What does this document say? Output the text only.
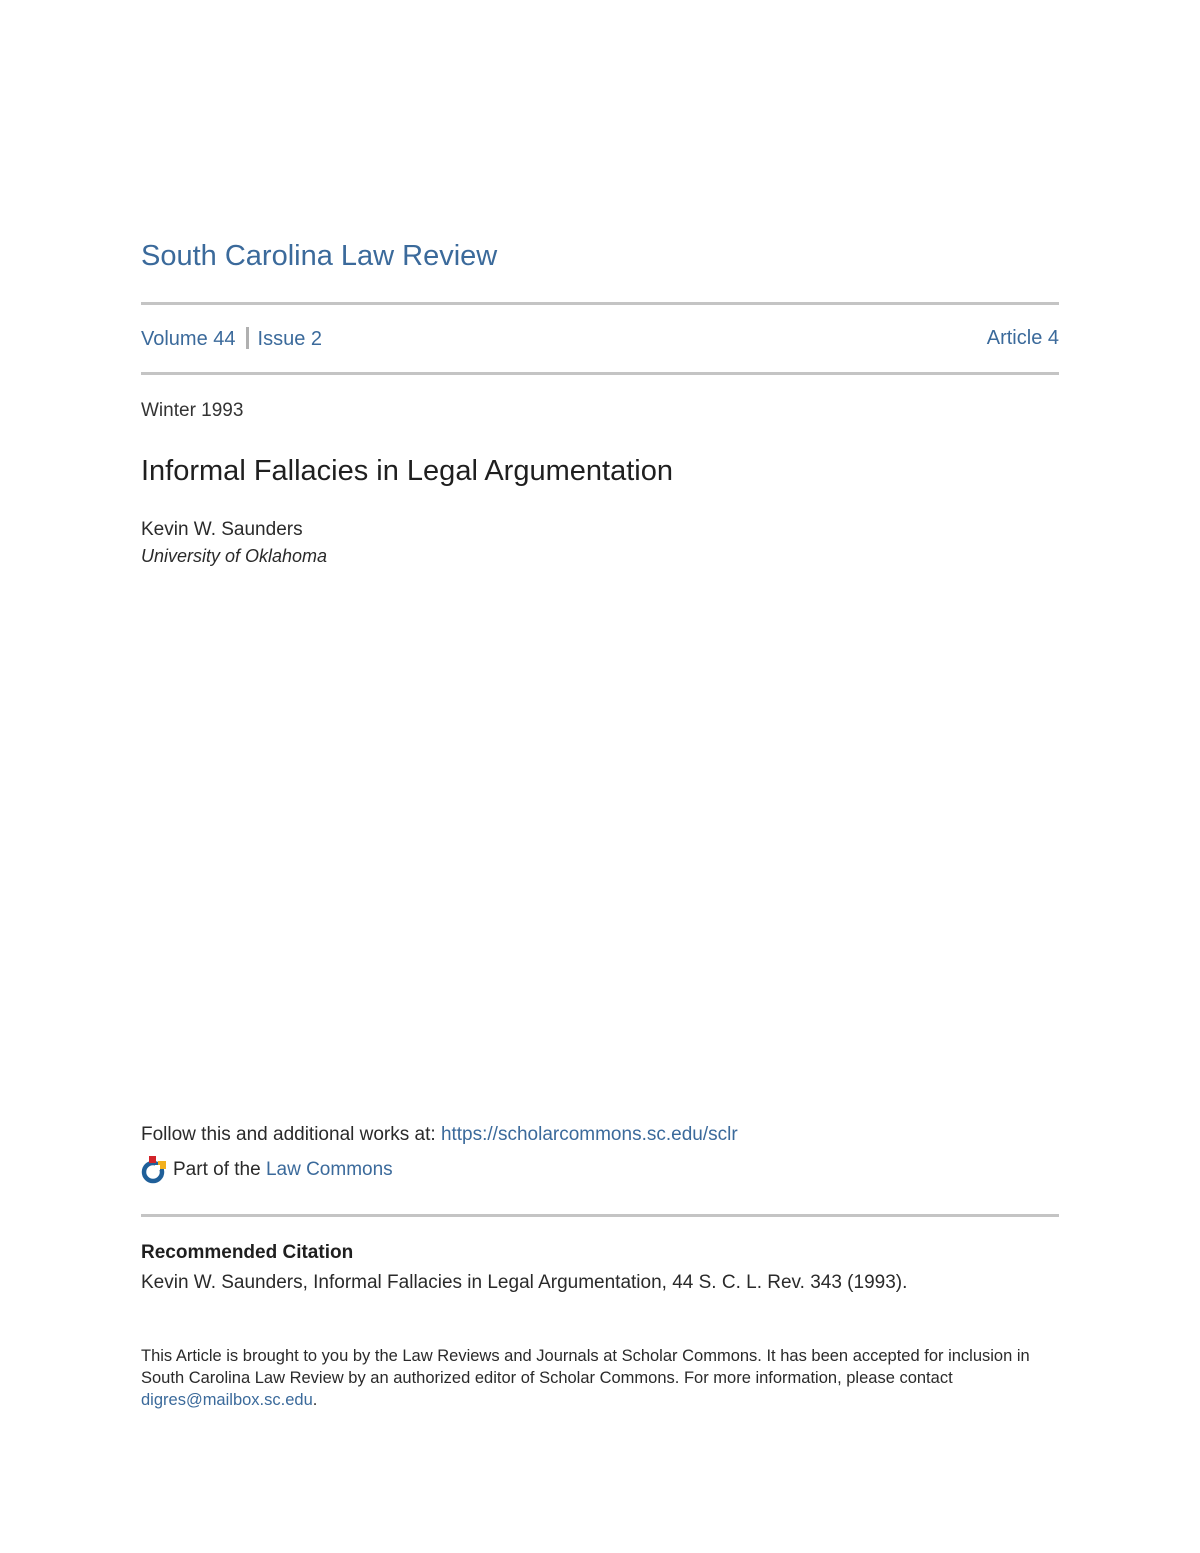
South Carolina Law Review
Volume 44 Issue 2	Article 4
Winter 1993
Informal Fallacies in Legal Argumentation
Kevin W. Saunders
University of Oklahoma
Follow this and additional works at: https://scholarcommons.sc.edu/sclr
Part of the
Law Commons
Recommended Citation
Kevin W. Saunders, Informal Fallacies in Legal Argumentation, 44 S. C. L. Rev. 343 (1993).
This Article is brought to you by the Law Reviews and Journals at Scholar Commons. It has been accepted for inclusion in South Carolina Law Review by an authorized editor of Scholar Commons. For more information, please contact digres@mailbox.sc.edu.
